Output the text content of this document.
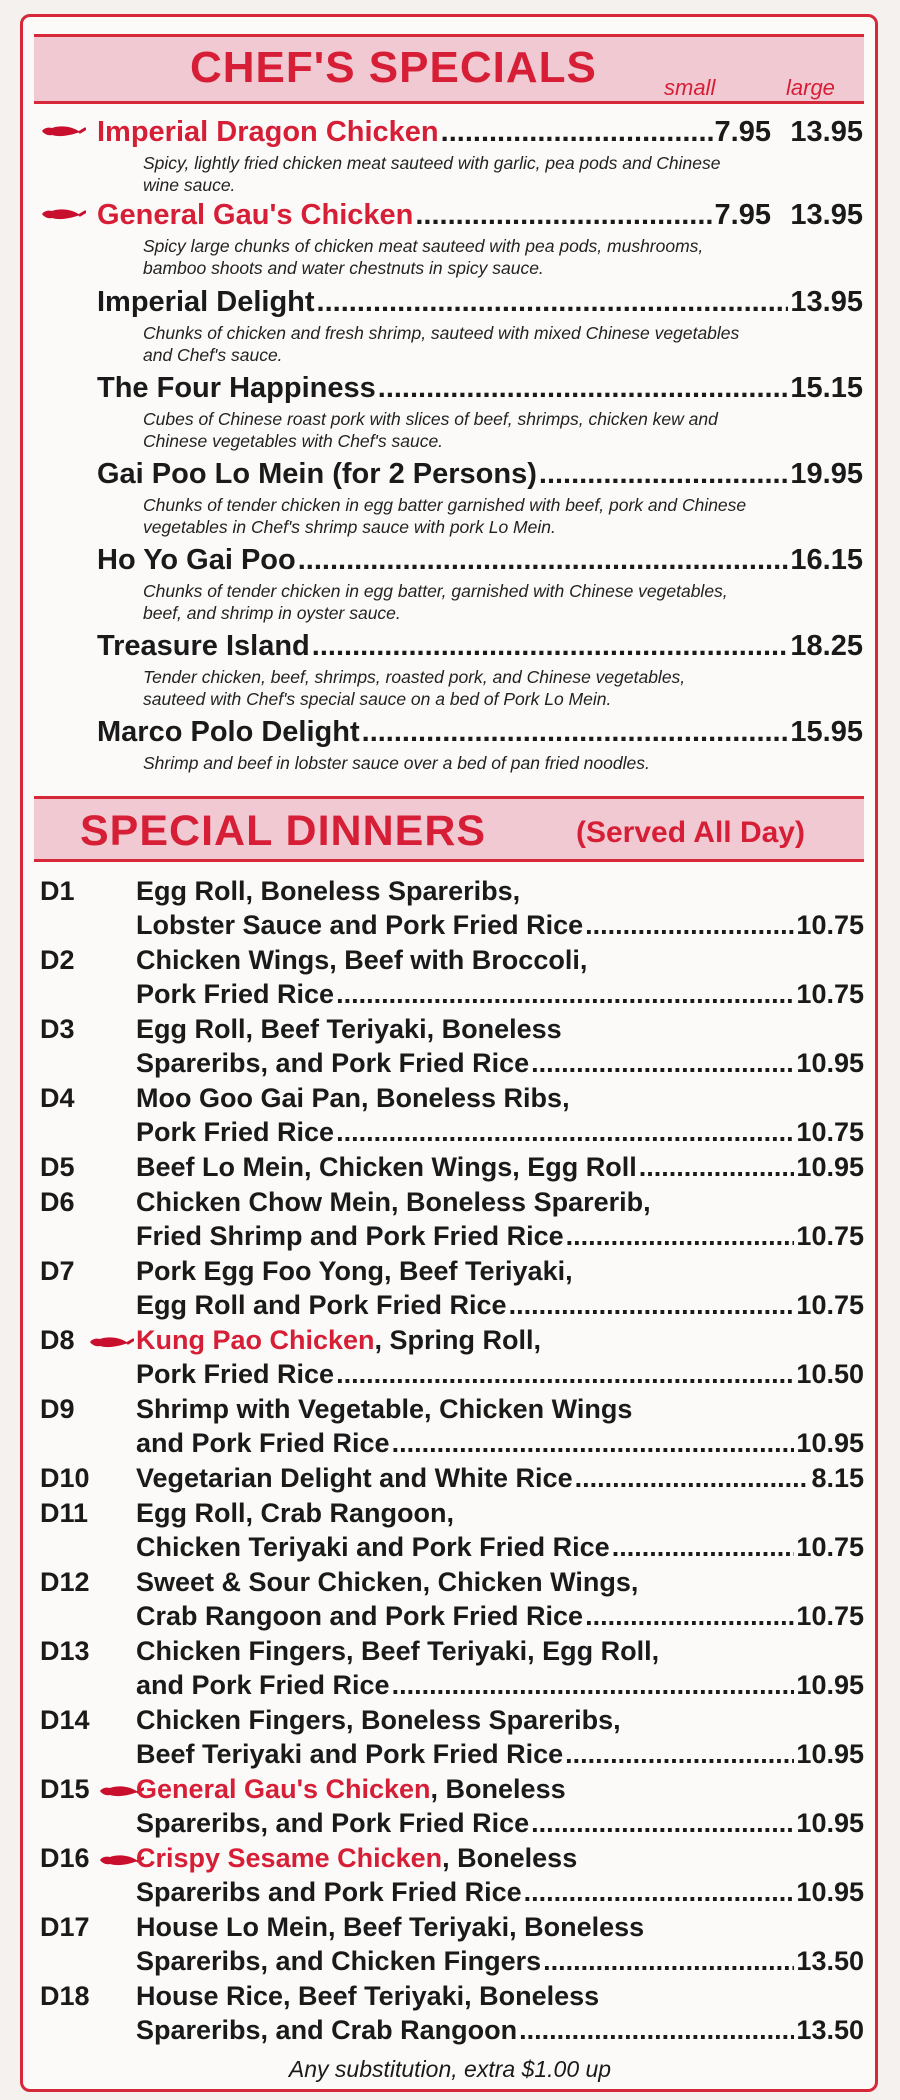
CHEF'S SPECIALS	small	large
Imperial Dragon Chicken .....	7.95 13.95
Spicy, lightly fried chicken meat sauteed with garlic, pea pods and Chinese
wine sauce.
General Gau's Chicken .....	7.95 13.95
Spicy large chunks of chicken meat sauteed with pea pods, mushrooms,
bamboo shoots and water chestnuts in spicy sauce.
Imperial Delight .....	13.95
Chunks of chicken and fresh shrimp, sauteed with mixed Chinese vegetables
and Chef's sauce.
The Four Happiness .....	15.15
Cubes of Chinese roast pork with slices of beef, shrimps, chicken kew and
Chinese vegetables with Chef's sauce.
Gai Poo Lo Mein (for 2 Persons) .....	19.95
Chunks of tender chicken in egg batter garnished with beef, pork and Chinese
vegetables in Chef's shrimp sauce with pork Lo Mein.
Ho Yo Gai Poo .....	16.15
Chunks of tender chicken in egg batter, garnished with Chinese vegetables,
beef, and shrimp in oyster sauce.
Treasure Island .....	18.25
Tender chicken, beef, shrimps, roasted pork, and Chinese vegetables,
sauteed with Chef's special sauce on a bed of Pork Lo Mein.
Marco Polo Delight .....	15.95
Shrimp and beef in lobster sauce over a bed of pan fried noodles.
SPECIAL DINNERS	(Served All Day)
D1 Egg Roll, Boneless Spareribs,
Lobster Sauce and Pork Fried Rice .....	10.75
D2 Chicken Wings, Beef with Broccoli,
Pork Fried Rice .....	10.75
D3 Egg Roll, Beef Teriyaki, Boneless
Spareribs, and Pork Fried Rice .....	10.95
D4 Moo Goo Gai Pan, Boneless Ribs,
Pork Fried Rice .....	10.75
D5 Beef Lo Mein, Chicken Wings, Egg Roll .....	10.95
D6 Chicken Chow Mein, Boneless Sparerib,
Fried Shrimp and Pork Fried Rice .....	10.75
D7 Pork Egg Foo Yong, Beef Teriyaki,
Egg Roll and Pork Fried Rice .....	10.75
D8 Kung Pao Chicken , Spring Roll,
Pork Fried Rice .....	10.50
D9 Shrimp with Vegetable, Chicken Wings
and Pork Fried Rice .....	10.95
D10 Vegetarian Delight and White Rice .....	8.15
D11 Egg Roll, Crab Rangoon,
Chicken Teriyaki and Pork Fried Rice .....	10.75
D12 Sweet & Sour Chicken, Chicken Wings,
Crab Rangoon and Pork Fried Rice .....	10.75
D13 Chicken Fingers, Beef Teriyaki, Egg Roll,
and Pork Fried Rice .....	10.95
D14 Chicken Fingers, Boneless Spareribs,
Beef Teriyaki and Pork Fried Rice .....	10.95
D15 General Gau's Chicken , Boneless
Spareribs, and Pork Fried Rice .....	10.95
D16 Crispy Sesame Chicken , Boneless
Spareribs and Pork Fried Rice .....	10.95
D17 House Lo Mein, Beef Teriyaki, Boneless
Spareribs, and Chicken Fingers .....	13.50
D18 House Rice, Beef Teriyaki, Boneless
Spareribs, and Crab Rangoon .....	13.50
Any substitution, extra $1.00 up
